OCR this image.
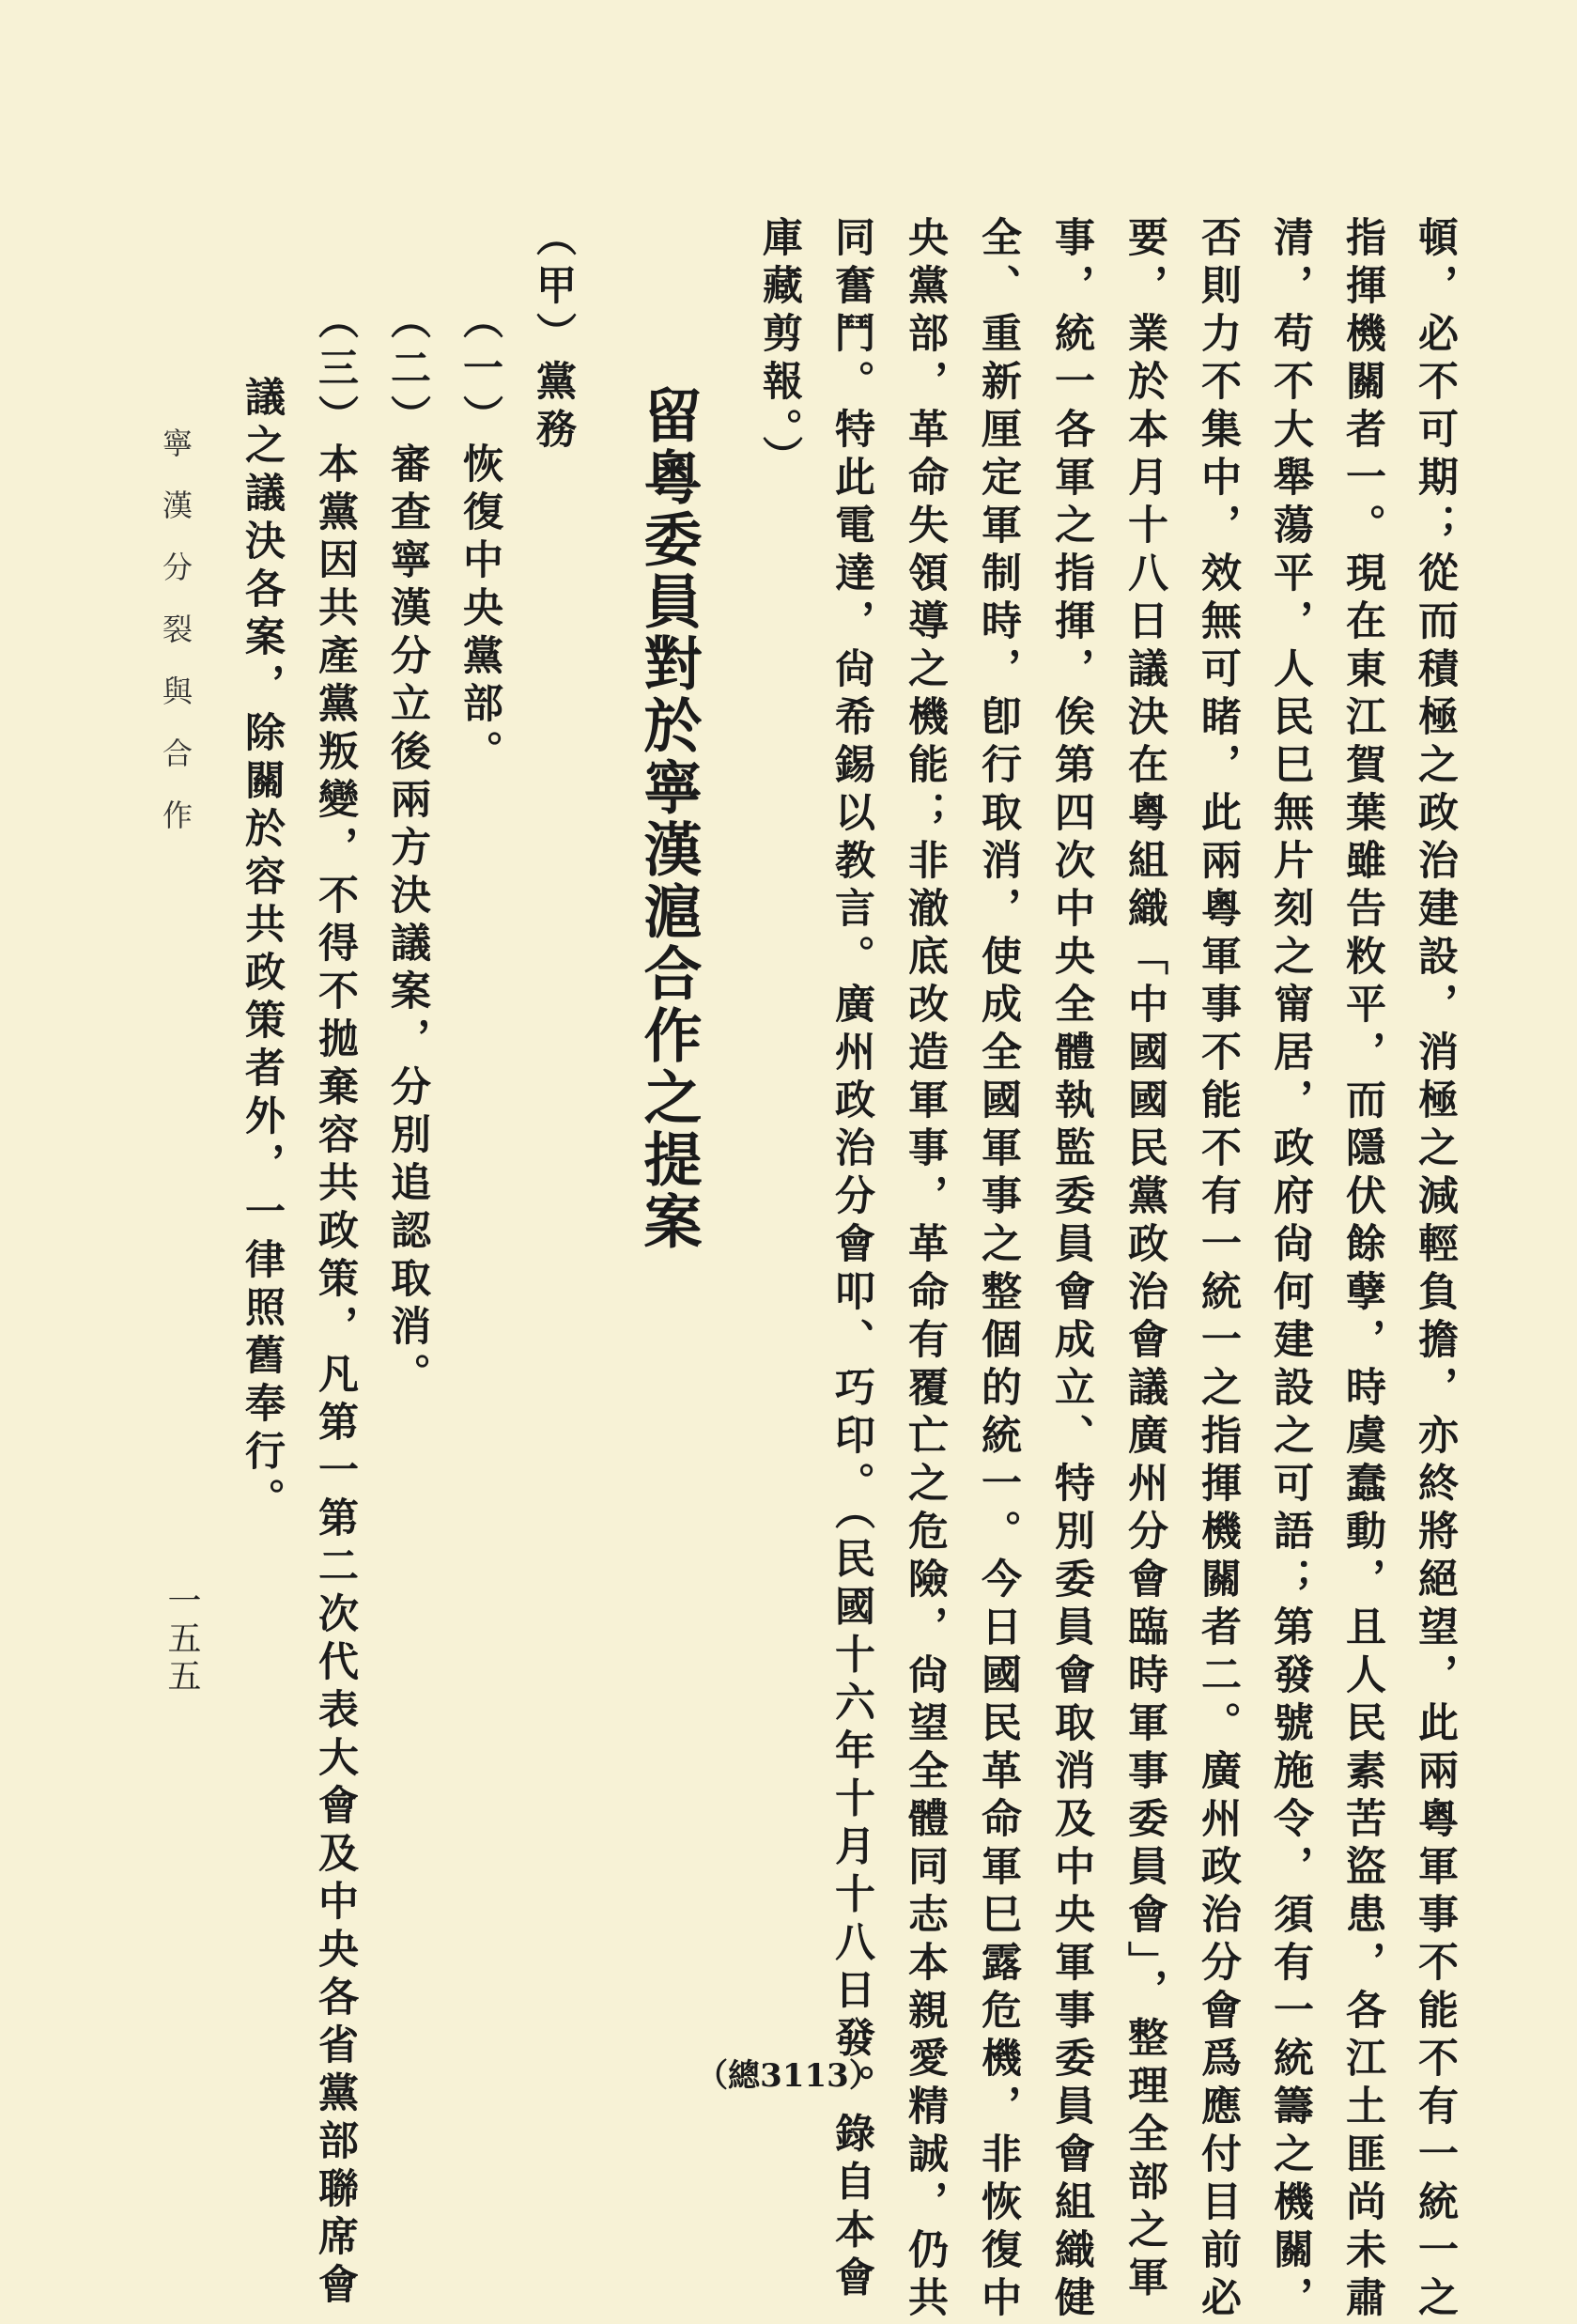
頓，必不可期；從而積極之政治建設，消極之減輕負擔，亦終將絕望，此兩粵軍事不能不有一統一之
指揮機關者一。現在東江賀葉雖告敉平，而隱伏餘孽，時虞蠢動，且人民素苦盜患，各江土匪尚未肅
清，苟不大舉蕩平，人民巳無片刻之甯居，政府尙何建設之可語；第發號施令，須有一統籌之機關，
否則力不集中，效無可睹，此兩粵軍事不能不有一統一之指揮機關者二。廣州政治分會爲應付目前必
要，業於本月十八日議決在粵組織「中國國民黨政治會議廣州分會臨時軍事委員會」，整理全部之軍
事，統一各軍之指揮，俟第四次中央全體執監委員會成立、特別委員會取消及中央軍事委員會組織健
全、重新厘定軍制時，卽行取消，使成全國軍事之整個的統一。今日國民革命軍巳露危機，非恢復中
央黨部，革命失領導之機能；非澈底改造軍事，革命有覆亡之危險，尙望全體同志本親愛精誠，仍共
同奮鬥。特此電達，尙希錫以教言。廣州政治分會叩、巧印。（民國十六年十月十八日發。錄自本會
庫藏剪報。）
留粵委員對於寧漢滬合作之提案
（甲）黨務
（一）恢復中央黨部。
（二）審查寧漢分立後兩方決議案，分別追認取消。
（三）本黨因共產黨叛變，不得不拋棄容共政策，凡第一第二次代表大會及中央各省黨部聯席會
議之議決各案，除關於容共政策者外，一律照舊奉行。
寧漢分裂與合作
一五五
（總3113）
